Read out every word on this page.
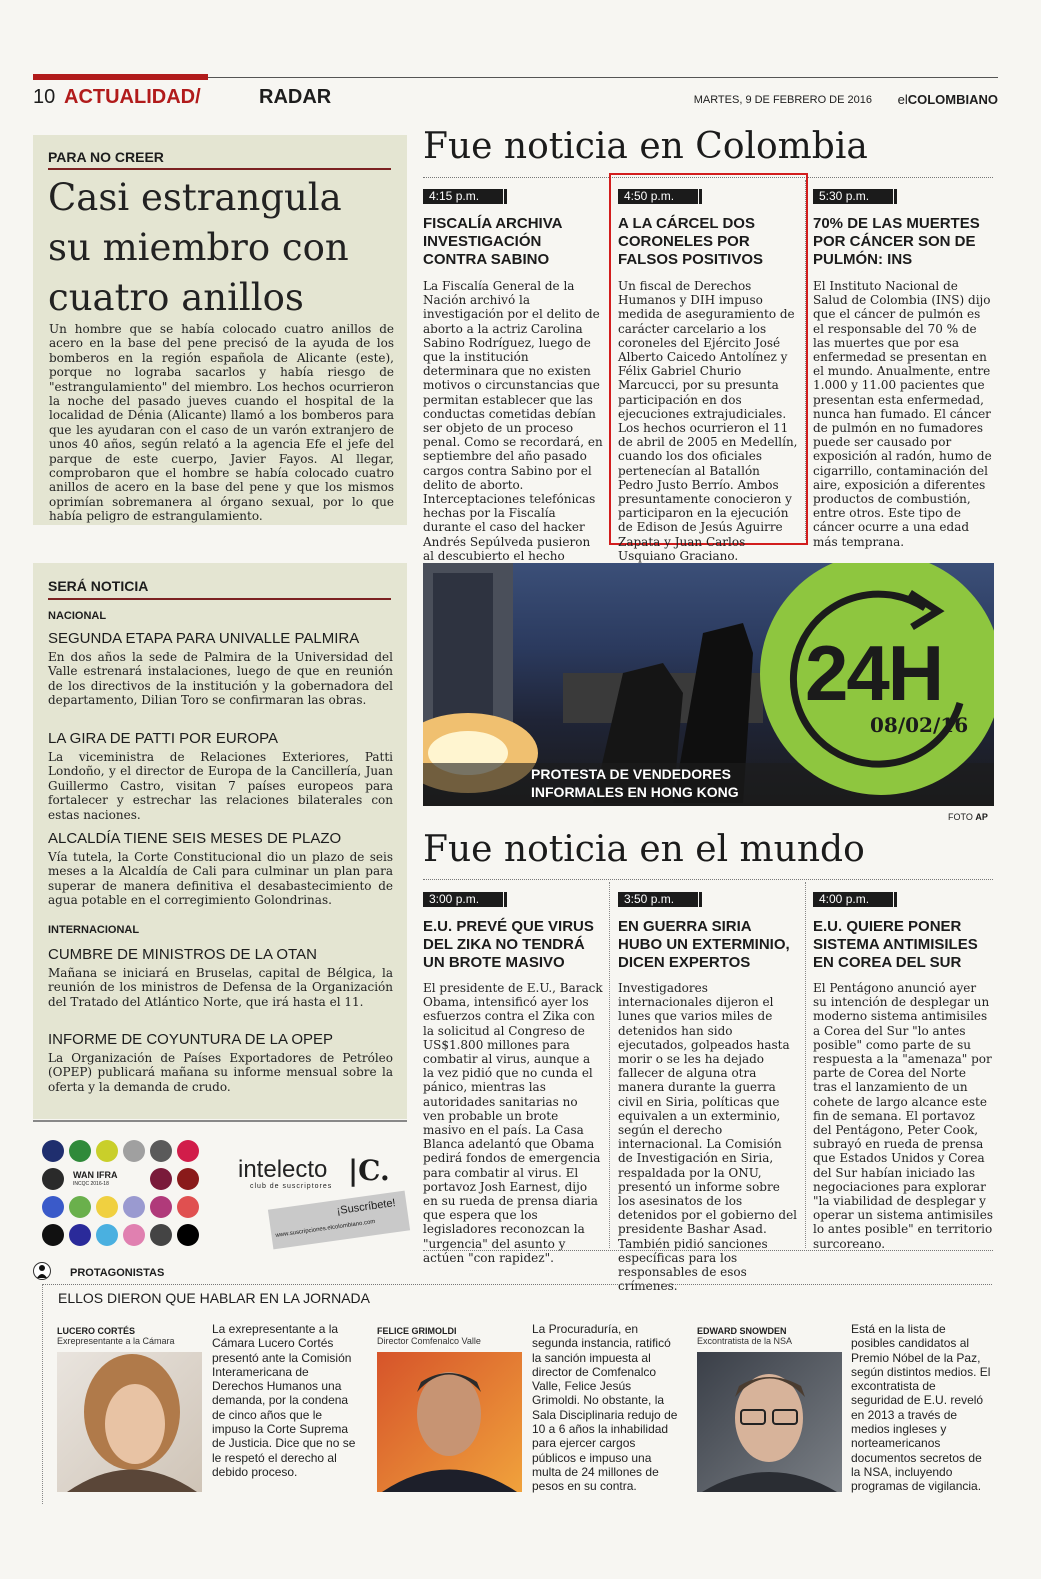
10 ACTUALIDAD/	RADAR	MARTES, 9 DE FEBRERO DE 2016 elCOLOMBIANO
PARA NO CREER
Casi estrangula
su miembro con
cuatro anillos
Un hombre que se había colocado cuatro anillos de acero en la base del pene precisó de la ayuda de los bomberos en la región española de Alicante (este), porque no lograba sacarlos y había riesgo de "estrangulamiento" del miembro. Los hechos ocurrieron la noche del pasado jueves cuando el hospital de la localidad de Dénia (Alicante) llamó a los bomberos para que les ayudaran con el caso de un varón extranjero de unos 40 años, según relató a la agencia Efe el jefe del parque de este cuerpo, Javier Fayos. Al llegar, comprobaron que el hombre se había colocado cuatro anillos de acero en la base del pene y que los mismos oprimían sobremanera al órgano sexual, por lo que había peligro de estrangulamiento.
SERÁ NOTICIA
NACIONAL
SEGUNDA ETAPA PARA UNIVALLE PALMIRA
En dos años la sede de Palmira de la Universidad del Valle estrenará instalaciones, luego de que en reunión de los directivos de la institución y la gobernadora del departamento, Dilian Toro se confirmaran las obras.
LA GIRA DE PATTI POR EUROPA
La viceministra de Relaciones Exteriores, Patti Londoño, y el director de Europa de la Cancillería, Juan Guillermo Castro, visitan 7 países europeos para fortalecer y estrechar las relaciones bilaterales con estas naciones.
ALCALDÍA TIENE SEIS MESES DE PLAZO
Vía tutela, la Corte Constitucional dio un plazo de seis meses a la Alcaldía de Cali para culminar un plan para superar de manera definitiva el desabastecimiento de agua potable en el corregimiento Golondrinas.
INTERNACIONAL
CUMBRE DE MINISTROS DE LA OTAN
Mañana se iniciará en Bruselas, capital de Bélgica, la reunión de los ministros de Defensa de la Organización del Tratado del Atlántico Norte, que irá hasta el 11.
INFORME DE COYUNTURA DE LA OPEP
La Organización de Países Exportadores de Petróleo (OPEP) publicará mañana su informe mensual sobre la oferta y la demanda de crudo.
WAN IFRA
INCQC 2016-18
intelecto |C.
club de suscriptores
¡Suscríbete!
www.suscripciones.elcolombiano.com
Fue noticia en Colombia
4:15 p.m.
FISCALÍA ARCHIVA INVESTIGACIÓN CONTRA SABINO
La Fiscalía General de la Nación archivó la investigación por el delito de aborto a la actriz Carolina Sabino Rodríguez, luego de que la institución determinara que no existen motivos o circunstancias que permitan establecer que las conductas cometidas debían ser objeto de un proceso penal. Como se recordará, en septiembre del año pasado cargos contra Sabino por el delito de aborto. Interceptaciones telefónicas hechas por la Fiscalía durante el caso del hacker Andrés Sepúlveda pusieron al descubierto el hecho
4:50 p.m.
A LA CÁRCEL DOS CORONELES POR FALSOS POSITIVOS
Un fiscal de Derechos Humanos y DIH impuso medida de aseguramiento de carácter carcelario a los coroneles del Ejército José Alberto Caicedo Antolínez y Félix Gabriel Churio Marcucci, por su presunta participación en dos ejecuciones extrajudiciales. Los hechos ocurrieron el 11 de abril de 2005 en Medellín, cuando los dos oficiales pertenecían al Batallón Pedro Justo Berrío. Ambos presuntamente conocieron y participaron en la ejecución de Edison de Jesús Aguirre Zapata y Juan Carlos Usquiano Graciano.
5:30 p.m.
70% DE LAS MUERTES POR CÁNCER SON DE PULMÓN: INS
El Instituto Nacional de Salud de Colombia (INS) dijo que el cáncer de pulmón es el responsable del 70 % de las muertes que por esa enfermedad se presentan en el mundo. Anualmente, entre 1.000 y 11.00 pacientes que presentan esta enfermedad, nunca han fumado. El cáncer de pulmón en no fumadores puede ser causado por exposición al radón, humo de cigarrillo, contaminación del aire, exposición a diferentes productos de combustión, entre otros. Este tipo de cáncer ocurre a una edad más temprana.
24H
08/02/16
PROTESTA DE VENDEDORES
INFORMALES EN HONG KONG
FOTO AP
Fue noticia en el mundo
3:00 p.m.
E.U. PREVÉ QUE VIRUS DEL ZIKA NO TENDRÁ UN BROTE MASIVO
El presidente de E.U., Barack Obama, intensificó ayer los esfuerzos contra el Zika con la solicitud al Congreso de US$1.800 millones para combatir al virus, aunque a la vez pidió que no cunda el pánico, mientras las autoridades sanitarias no ven probable un brote masivo en el país. La Casa Blanca adelantó que Obama pedirá fondos de emergencia para combatir al virus. El portavoz Josh Earnest, dijo en su rueda de prensa diaria que espera que los legisladores reconozcan la "urgencia" del asunto y actúen "con rapidez".
3:50 p.m.
EN GUERRA SIRIA HUBO UN EXTERMINIO, DICEN EXPERTOS
Investigadores internacionales dijeron el lunes que varios miles de detenidos han sido ejecutados, golpeados hasta morir o se les ha dejado fallecer de alguna otra manera durante la guerra civil en Siria, políticas que equivalen a un exterminio, según el derecho internacional. La Comisión de Investigación en Siria, respaldada por la ONU, presentó un informe sobre los asesinatos de los detenidos por el gobierno del presidente Bashar Asad. También pidió sanciones específicas para los responsables de esos crímenes.
4:00 p.m.
E.U. QUIERE PONER SISTEMA ANTIMISILES EN COREA DEL SUR
El Pentágono anunció ayer su intención de desplegar un moderno sistema antimisiles a Corea del Sur "lo antes posible" como parte de su respuesta a la "amenaza" por parte de Corea del Norte tras el lanzamiento de un cohete de largo alcance este fin de semana. El portavoz del Pentágono, Peter Cook, subrayó en rueda de prensa que Estados Unidos y Corea del Sur habían iniciado las negociaciones para explorar "la viabilidad de desplegar y operar un sistema antimisiles lo antes posible" en territorio surcoreano.
PROTAGONISTAS
ELLOS DIERON QUE HABLAR EN LA JORNADA
LUCERO CORTÉS
Exrepresentante a la Cámara
La exrepresentante a la Cámara Lucero Cortés presentó ante la Comisión Interamericana de Derechos Humanos una demanda, por la condena de cinco años que le impuso la Corte Suprema de Justicia. Dice que no se le respetó el derecho al debido proceso.
FELICE GRIMOLDI
Director Comfenalco Valle
La Procuraduría, en segunda instancia, ratificó la sanción impuesta al director de Comfenalco Valle, Felice Jesús Grimoldi. No obstante, la Sala Disciplinaria redujo de 10 a 6 años la inhabilidad para ejercer cargos públicos e impuso una multa de 24 millones de pesos en su contra.
EDWARD SNOWDEN
Excontratista de la NSA
Está en la lista de posibles candidatos al Premio Nóbel de la Paz, según distintos medios. El excontratista de seguridad de E.U. reveló en 2013 a través de medios ingleses y norteamericanos documentos secretos de la NSA, incluyendo programas de vigilancia.
